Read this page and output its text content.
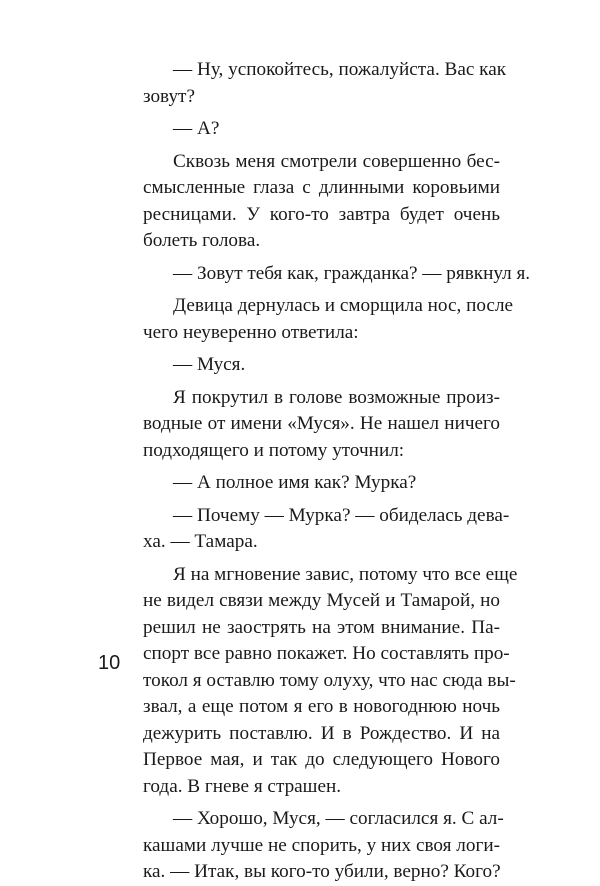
— Ну, успокойтесь, пожалуйста. Вас как
зовут?
— А?
Сквозь меня смотрели совершенно бес-
смысленные глаза с длинными коровьими
ресницами. У кого-то завтра будет очень
болеть голова.
— Зовут тебя как, гражданка? — рявкнул я.
Девица дернулась и сморщила нос, после
чего неуверенно ответила:
— Муся.
Я покрутил в голове возможные произ-
водные от имени «Муся». Не нашел ничего
подходящего и потому уточнил:
— А полное имя как? Мурка?
— Почему — Мурка? — обиделась дева-
ха. — Тамара.
Я на мгновение завис, потому что все еще
не видел связи между Мусей и Тамарой, но
решил не заострять на этом внимание. Па-
спорт все равно покажет. Но составлять про-
токол я оставлю тому олуху, что нас сюда вы-
звал, а еще потом я его в новогоднюю ночь
дежурить поставлю. И в Рождество. И на
Первое мая, и так до следующего Нового
года. В гневе я страшен.
— Хорошо, Муся, — согласился я. С ал-
кашами лучше не спорить, у них своя логи-
ка. — Итак, вы кого-то убили, верно? Кого?
10
